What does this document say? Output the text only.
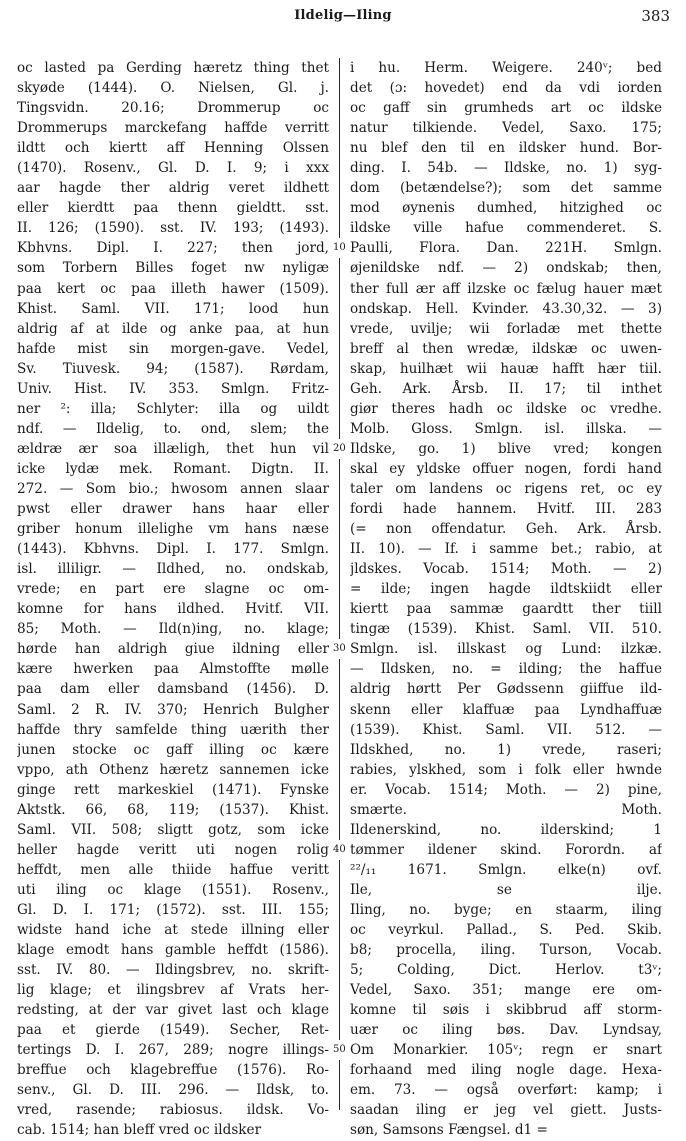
Ildelig—Iling	383
oc lasted pa Gerding hæretz thing thet
skyøde (1444). O. Nielsen, Gl. j.
Tingsvidn. 20.16; Drommerup oc
Drommerups marckefang haffde verritt
ildtt och kiertt aff Henning Olssen
(1470). Rosenv., Gl. D. I. 9; i xxx
aar hagde ther aldrig veret ildhett
eller kierdtt paa thenn gieldtt. sst.
II. 126; (1590). sst. IV. 193; (1493).
Kbhvns. Dipl. I. 227; then jord,
som Torbern Billes foget nw nyligæ
paa kert oc paa illeth hawer (1509).
Khist. Saml. VII. 171; lood hun
aldrig af at ilde og anke paa, at hun
hafde mist sin morgen-gave. Vedel,
Sv. Tiuvesk. 94; (1587). Rørdam,
Univ. Hist. IV. 353. Smlgn. Fritz-
ner ²: illa; Schlyter: illa og uildt
ndf. — Ildelig, to. ond, slem; the
ældræ ær soa illæligh, thet hun vil
icke lydæ mek. Romant. Digtn. II.
272. — Som bio.; hwosom annen slaar
pwst eller drawer hans haar eller
griber honum illelighe vm hans næse
(1443). Kbhvns. Dipl. I. 177. Smlgn.
isl. illiligr. — Ildhed, no. ondskab,
vrede; en part ere slagne oc om-
komne for hans ildhed. Hvitf. VII.
85; Moth. — Ild(n)ing, no. klage;
hørde han aldrigh giue ildning eller
kære hwerken paa Almstoffte mølle
paa dam eller damsband (1456). D.
Saml. 2 R. IV. 370; Henrich Bulgher
haffde thry samfelde thing uærith ther
junen stocke oc gaff illing oc kære
vppo, ath Othenz hæretz sannemen icke
ginge rett markeskiel (1471). Fynske
Aktstk. 66, 68, 119; (1537). Khist.
Saml. VII. 508; sligtt gotz, som icke
heller hagde veritt uti nogen rolig
heffdt, men alle thiide haffue veritt
uti iling oc klage (1551). Rosenv.,
Gl. D. I. 171; (1572). sst. III. 155;
widste hand iche at stede illning eller
klage emodt hans gamble heffdt (1586).
sst. IV. 80. — Ildingsbrev, no. skrift-
lig klage; et ilingsbrev af Vrats her-
redsting, at der var givet last och klage
paa et gierde (1549). Secher, Ret-
tertings D. I. 267, 289; nogre illings-
breffue och klagebreffue (1576). Ro-
senv., Gl. D. III. 296. — Ildsk, to.
vred, rasende; rabiosus. ildsk. Vo-
cab. 1514; han bleff vred oc ildsker
10
20
30
40
50
i hu. Herm. Weigere. 240ᵛ; bed
det (ɔ: hovedet) end da vdi iorden
oc gaff sin grumheds art oc ildske
natur tilkiende. Vedel, Saxo. 175;
nu blef den til en ildsker hund. Bor-
ding. I. 54b. — Ildske, no. 1) syg-
dom (betændelse?); som det samme
mod øynenis dumhed, hitzighed oc
ildske ville hafue commenderet. S.
Paulli, Flora. Dan. 221H. Smlgn.
øjenildske ndf. — 2) ondskab; then,
ther full ær aff ilzske oc fælug hauer mæt
ondskap. Hell. Kvinder. 43.30,32. — 3)
vrede, uvilje; wii forladæ met thette
breff al then wredæ, ildskæ oc uwen-
skap, huilhæt wii hauæ hafft hær tiil.
Geh. Ark. Årsb. II. 17; til inthet
giør theres hadh oc ildske oc vredhe.
Molb. Gloss. Smlgn. isl. illska. —
Ildske, go. 1) blive vred; kongen
skal ey yldske offuer nogen, fordi hand
taler om landens oc rigens ret, oc ey
fordi hade hannem. Hvitf. III. 283
(= non offendatur. Geh. Ark. Årsb.
II. 10). — If. i samme bet.; rabio, at
jldskes. Vocab. 1514; Moth. — 2)
= ilde; ingen hagde ildtskiidt eller
kiertt paa sammæ gaardtt ther tiill
tingæ (1539). Khist. Saml. VII. 510.
Smlgn. isl. illskast og Lund: ilzkæ.
— Ildsken, no. = ilding; the haffue
aldrig hørtt Per Gødssenn giiffue ild-
skenn eller klaffuæ paa Lyndhaffuæ
(1539). Khist. Saml. VII. 512. —
Ildskhed, no. 1) vrede, raseri;
rabies, ylskhed, som i folk eller hwnde
er. Vocab. 1514; Moth. — 2) pine,
smærte. Moth.
Ildenerskind, no. ilderskind; 1
tømmer ildener skind. Forordn. af
²²/₁₁ 1671. Smlgn. elke(n) ovf.
Ile, se ilje.
Iling, no. byge; en staarm, iling
oc veyrkul. Pallad., S. Ped. Skib.
b8; procella, iling. Turson, Vocab.
5; Colding, Dict. Herlov. t3ᵛ;
Vedel, Saxo. 351; mange ere om-
komne til søis i skibbrud aff storm-
uær oc iling bøs. Dav. Lyndsay,
Om Monarkier. 105ᵛ; regn er snart
forhaand med iling nogle dage. Hexa-
em. 73. — også overført: kamp; i
saadan iling er jeg vel giett. Justs-
søn, Samsons Fængsel. d1 =
